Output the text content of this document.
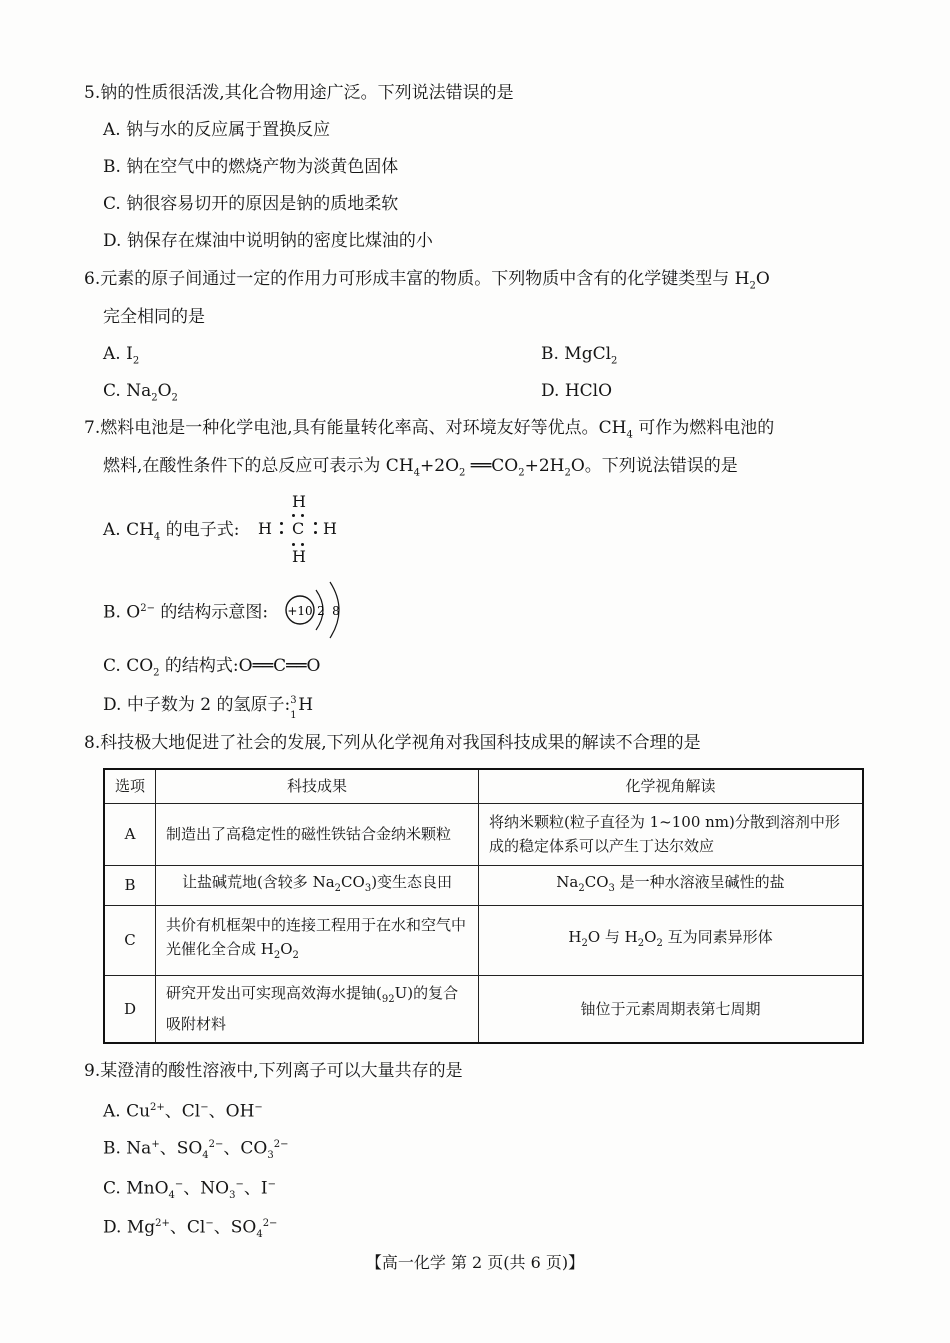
5.钠的性质很活泼,其化合物用途广泛。下列说法错误的是
A. 钠与水的反应属于置换反应
B. 钠在空气中的燃烧产物为淡黄色固体
C. 钠很容易切开的原因是钠的质地柔软
D. 钠保存在煤油中说明钠的密度比煤油的小
6.元素的原子间通过一定的作用力可形成丰富的物质。下列物质中含有的化学键类型与 $H_2O$
完全相同的是
A. $I_2$	B. MgCl$_2$
C. $Na_2O_2$	D. HClO
7.燃料电池是一种化学电池,具有能量转化率高、对环境友好等优点。$CH_4$ 可作为燃料电池的
燃料,在酸性条件下的总反应可表示为 $CH_4+2O_2$ $══CO_2+2H_2O$。下列说法错误的是
A. $CH_4$ 的电子式: H C H
H
H
B. $O^{2-}$ 的结构示意图: +10 2 8
C. $CO_2$ 的结构式:O══C══O
D. 中子数为 2 的氢原子: 3
1 H
8.科技极大地促进了社会的发展,下列从化学视角对我国科技成果的解读不合理的是
选项	科技成果	化学视角解读
A	制造出了高稳定性的磁性铁钴合金纳米颗粒	将纳米颗粒(粒子直径为 1~100 nm)分散到溶剂中形成的稳定体系可以产生丁达尔效应
B	让盐碱荒地(含较多 $Na_2CO_3$)变生态良田	$Na_2CO_3$ 是一种水溶液呈碱性的盐
C	共价有机框架中的连接工程用于在水和空气中光催化全合成 $H_2O_2$	$H_2O$ 与 $H_2O_2$ 互为同素异形体
D	研究开发出可实现高效海水提铀$(_{92}U)$的复合吸附材料	铀位于元素周期表第七周期
9.某澄清的酸性溶液中,下列离子可以大量共存的是
A. $Cu^{2+}$、Cl−、OH−
B. Na+、$SO_4^{2-}$、$CO_3^{2-}$
C. MnO$_4$−、$NO_3^-$、I−
D. $Mg^{2+}$、Cl−、$SO_4^{2-}$
【高一化学 第 2 页(共 6 页)】
